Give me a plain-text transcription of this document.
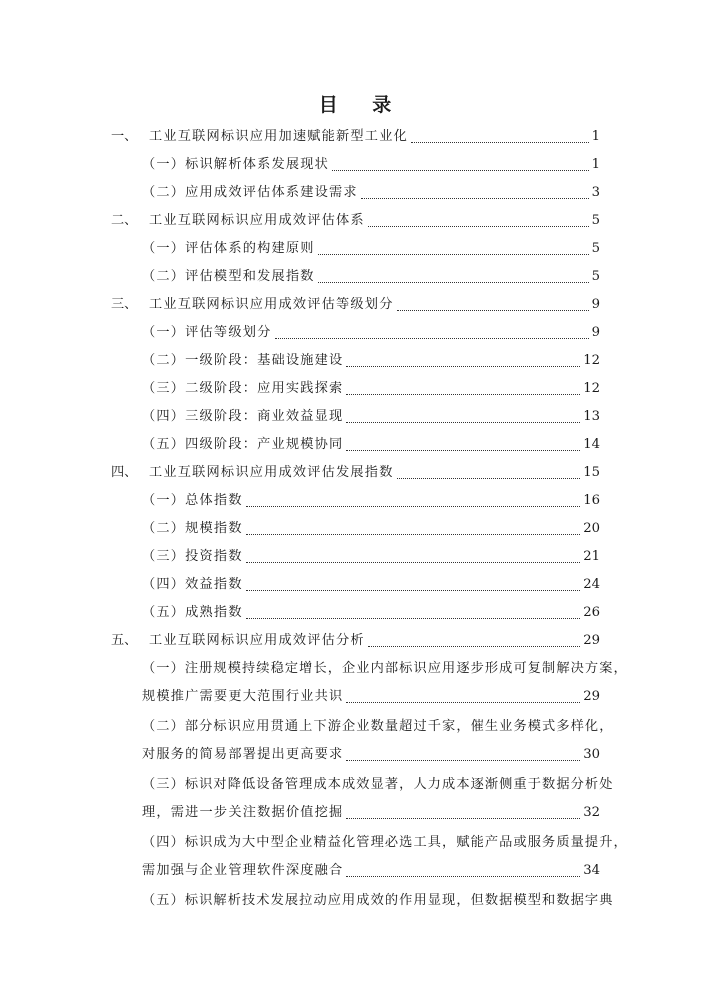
目 录
一、 工业互联网标识应用加速赋能新型工业化	1
（一）标识解析体系发展现状	1
（二）应用成效评估体系建设需求	3
二、 工业互联网标识应用成效评估体系	5
（一）评估体系的构建原则	5
（二）评估模型和发展指数	5
三、 工业互联网标识应用成效评估等级划分	9
（一）评估等级划分	9
（二）一级阶段：基础设施建设	12
（三）二级阶段：应用实践探索	12
（四）三级阶段：商业效益显现	13
（五）四级阶段：产业规模协同	14
四、 工业互联网标识应用成效评估发展指数	15
（一）总体指数	16
（二）规模指数	20
（三）投资指数	21
（四）效益指数	24
（五）成熟指数	26
五、 工业互联网标识应用成效评估分析	29
（一）注册规模持续稳定增长，企业内部标识应用逐步形成可复制解决方案，
规模推广需要更大范围行业共识	29
（二）部分标识应用贯通上下游企业数量超过千家，催生业务模式多样化，
对服务的简易部署提出更高要求	30
（三）标识对降低设备管理成本成效显著，人力成本逐渐侧重于数据分析处
理，需进一步关注数据价值挖掘	32
（四）标识成为大中型企业精益化管理必选工具，赋能产品或服务质量提升，
需加强与企业管理软件深度融合	34
（五）标识解析技术发展拉动应用成效的作用显现，但数据模型和数据字典
